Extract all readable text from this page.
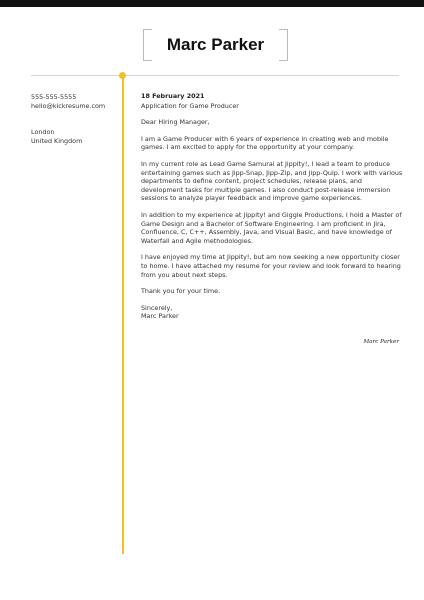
Marc Parker
555-555-5555
hello@kickresume.com
London
United Kingdom
18 February 2021
Application for Game Producer
Dear Hiring Manager,

I am a Game Producer with 6 years of experience in creating web and mobile games. I am excited to apply for the opportunity at your company.

In my current role as Lead Game Samurai at Jippity!, I lead a team to produce entertaining games such as Jipp-Snap, Jipp-Zip, and Jipp-Quip. I work with various departments to define content, project schedules, release plans, and development tasks for multiple games. I also conduct post-release immersion sessions to analyze player feedback and improve game experiences.

In addition to my experience at Jippity! and Giggle Productions, I hold a Master of Game Design and a Bachelor of Software Engineering. I am proficient in Jira, Confluence, C, C++, Assembly, Java, and Visual Basic, and have knowledge of Waterfall and Agile methodologies.

I have enjoyed my time at Jippity!, but am now seeking a new opportunity closer to home. I have attached my resume for your review and look forward to hearing from you about next steps.

Thank you for your time.

Sincerely,
Marc Parker
Marc Parker
